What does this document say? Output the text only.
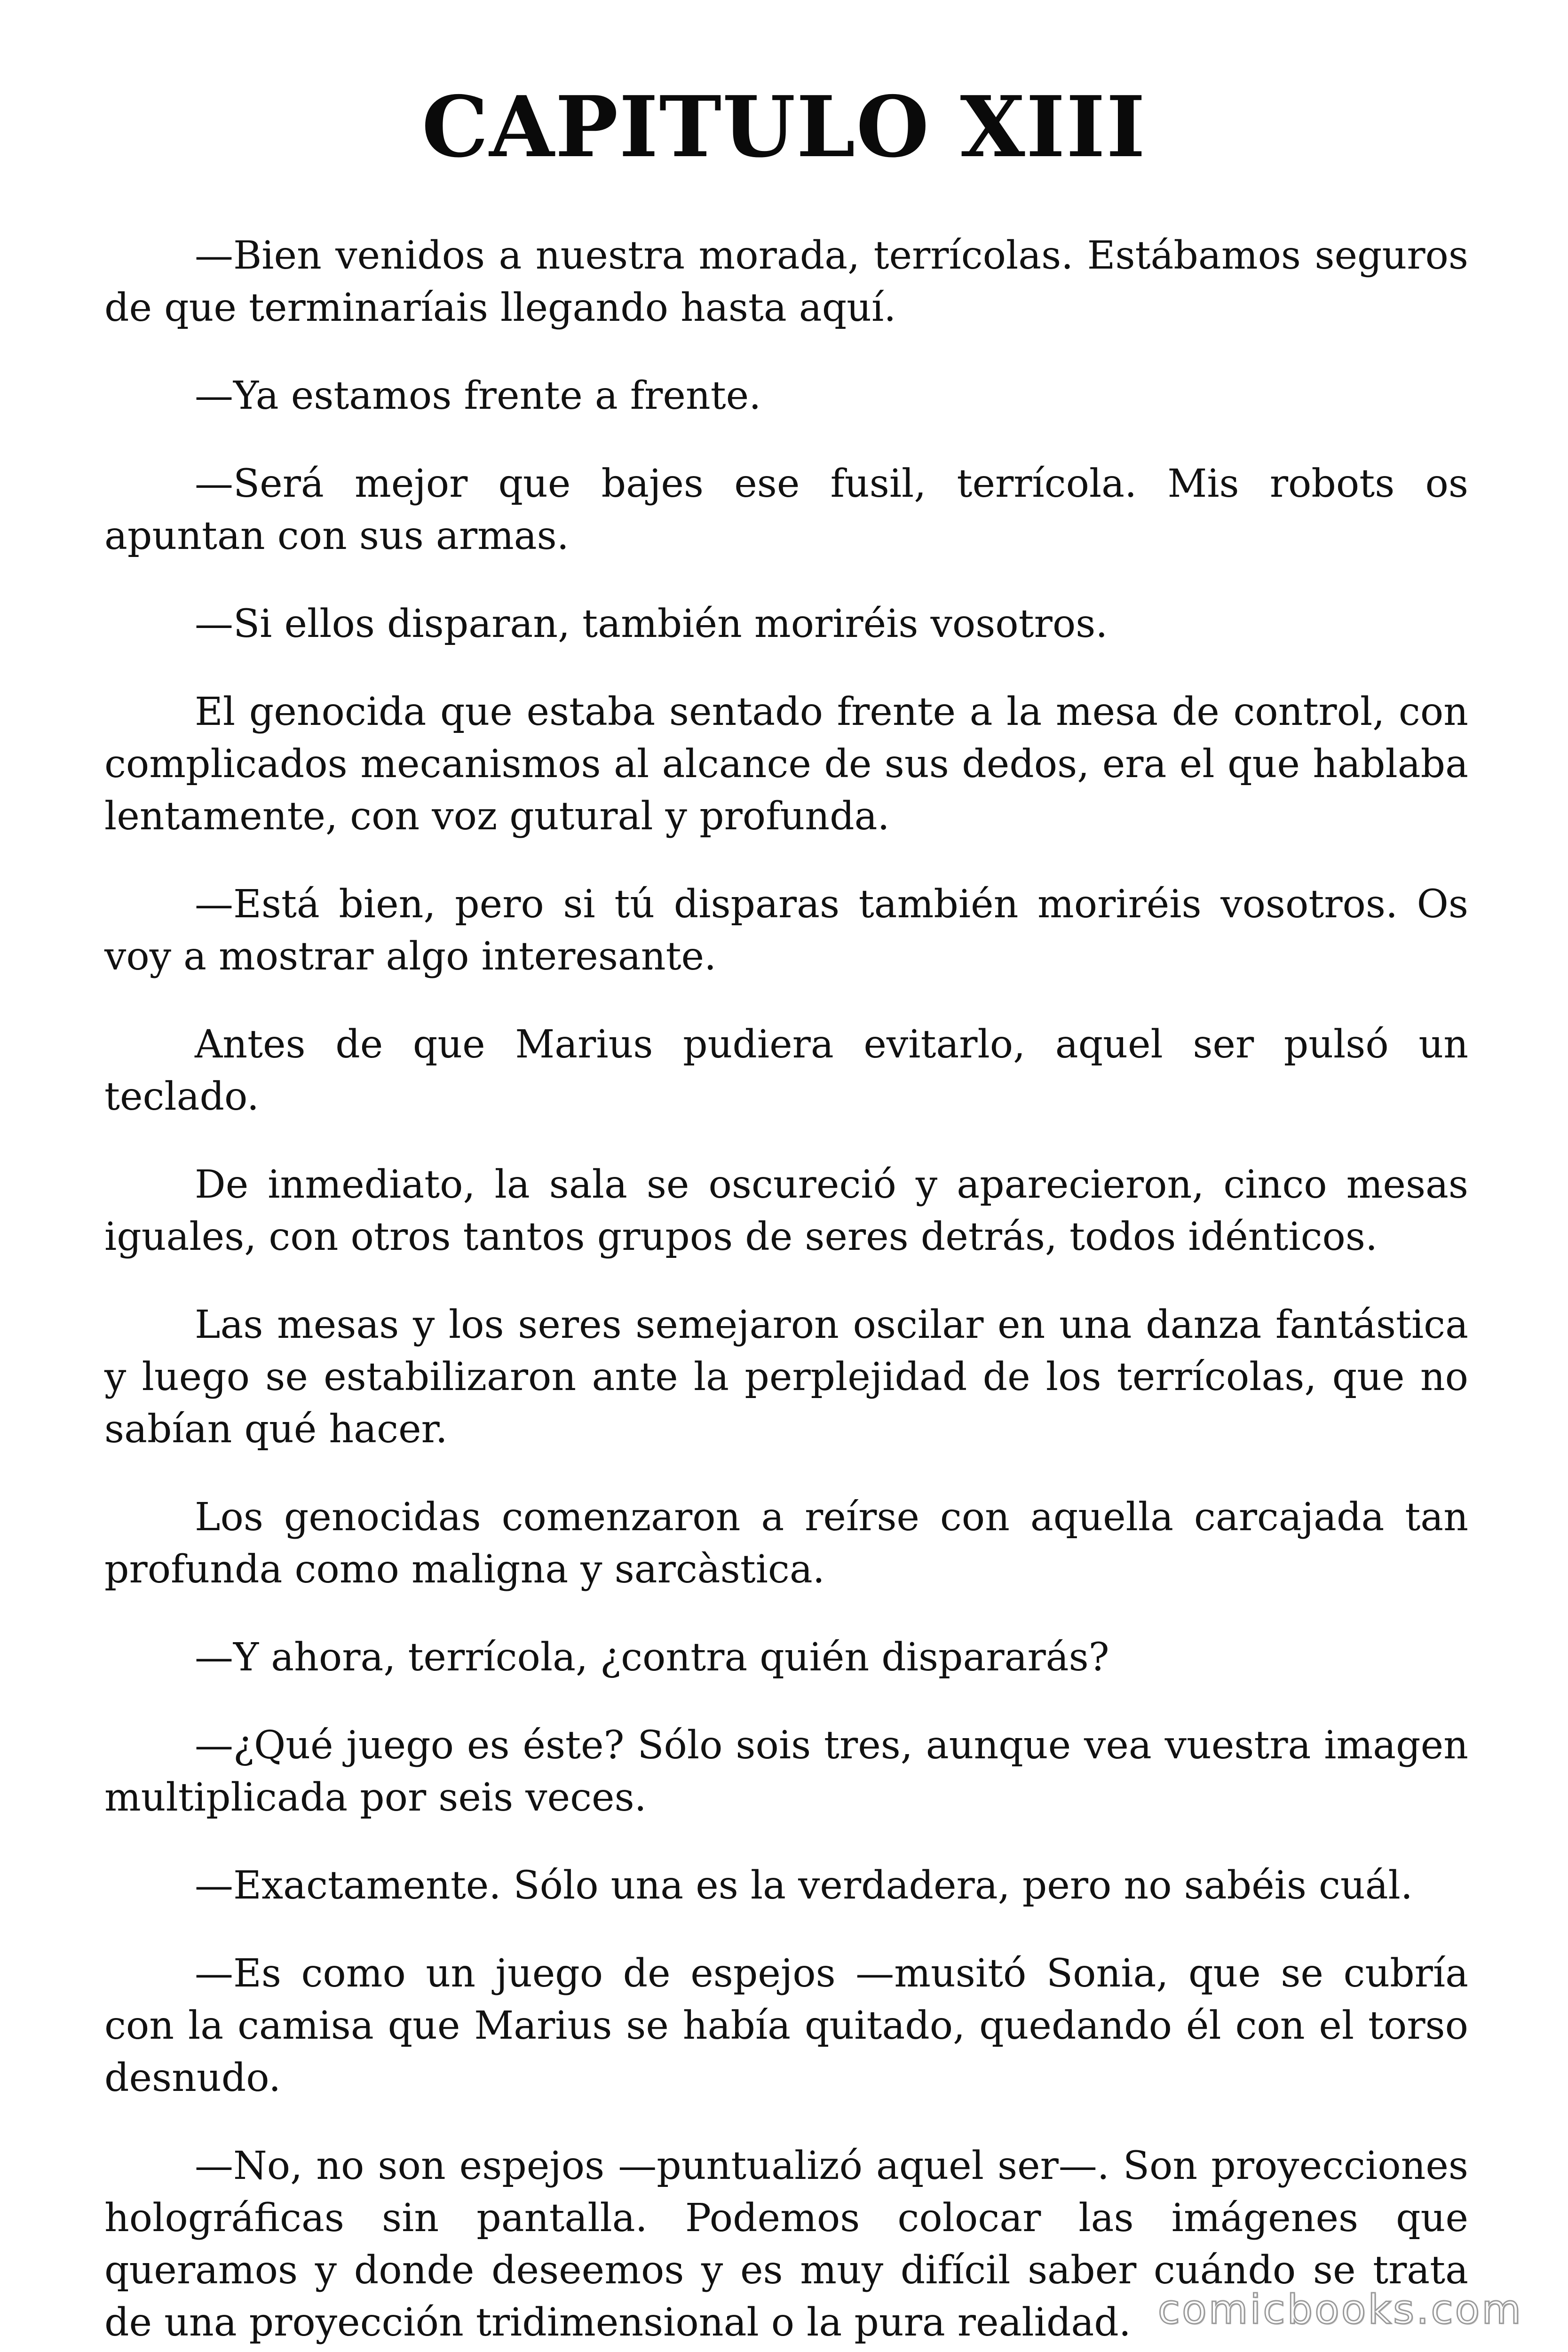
CAPITULO XIII

—Bien venidos a nuestra morada, terrícolas. Estábamos seguros de que terminaríais llegando hasta aquí.

—Ya estamos frente a frente.

—Será mejor que bajes ese fusil, terrícola. Mis robots os apuntan con sus armas.

—Si ellos disparan, también moriréis vosotros.

El genocida que estaba sentado frente a la mesa de control, con complicados mecanismos al alcance de sus dedos, era el que hablaba lentamente, con voz gutural y profunda.

—Está bien, pero si tú disparas también moriréis vosotros. Os voy a mostrar algo interesante.

Antes de que Marius pudiera evitarlo, aquel ser pulsó un teclado.

De inmediato, la sala se oscureció y aparecieron, cinco mesas iguales, con otros tantos grupos de seres detrás, todos idénticos.

Las mesas y los seres semejaron oscilar en una danza fantástica y luego se estabilizaron ante la perplejidad de los terrícolas, que no sabían qué hacer.

Los genocidas comenzaron a reírse con aquella carcajada tan profunda como maligna y sarcàstica.

—Y ahora, terrícola, ¿contra quién dispararás?

—¿Qué juego es éste? Sólo sois tres, aunque vea vuestra imagen multiplicada por seis veces.

—Exactamente. Sólo una es la verdadera, pero no sabéis cuál.

—Es como un juego de espejos —musitó Sonia, que se cubría con la camisa que Marius se había quitado, quedando él con el torso desnudo.

—No, no son espejos —puntualizó aquel ser—. Son proyecciones holográficas sin pantalla. Podemos colocar las imágenes que queramos y donde deseemos y es muy difícil saber cuándo se trata de una proyección tridimensional o la pura realidad. comicbooks.com
